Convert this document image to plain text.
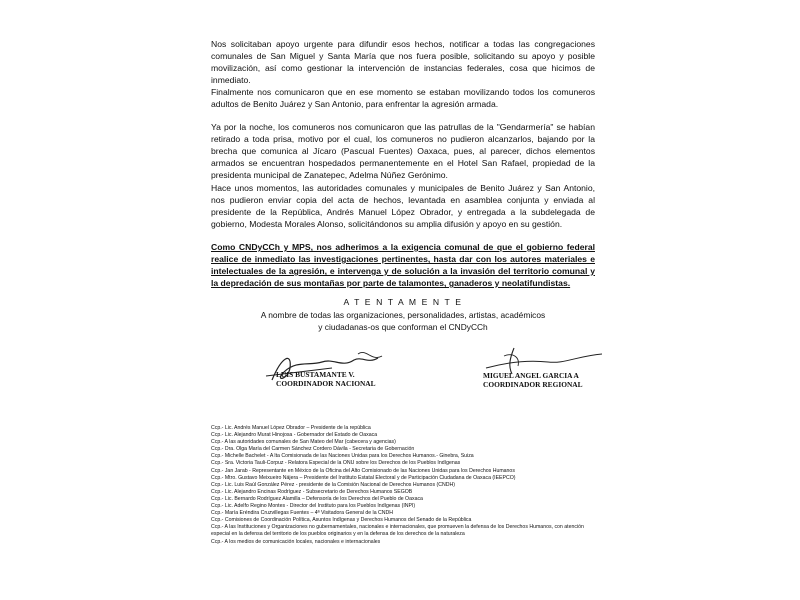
Nos solicitaban apoyo urgente para difundir esos hechos, notificar a todas las congregaciones comunales de San Miguel y Santa María que nos fuera posible, solicitando su apoyo y posible movilización, así como gestionar la intervención de instancias federales, cosa que hicimos de inmediato.

Finalmente nos comunicaron que en ese momento se estaban movilizando todos los comuneros adultos de Benito Juárez y San Antonio, para enfrentar la agresión armada.

Ya por la noche, los comuneros nos comunicaron que las patrullas de la "Gendarmería" se habían retirado a toda prisa, motivo por el cual, los comuneros no pudieron alcanzarlos, bajando por la brecha que comunica al Jícaro (Pascual Fuentes) Oaxaca, pues, al parecer, dichos elementos armados se encuentran hospedados permanentemente en el Hotel San Rafael, propiedad de la presidenta municipal de Zanatepec, Adelma Núñez Gerónimo.

Hace unos momentos, las autoridades comunales y municipales de Benito Juárez y San Antonio, nos pudieron enviar copia del acta de hechos, levantada en asamblea conjunta y enviada al presidente de la República, Andrés Manuel López Obrador, y entregada a la subdelegada de gobierno, Modesta Morales Alonso, solicitándonos su amplia difusión y apoyo en su gestión.

Como CNDyCCh y MPS, nos adherimos a la exigencia comunal de que el gobierno federal realice de inmediato las investigaciones pertinentes, hasta dar con los autores materiales e intelectuales de la agresión, e intervenga y de solución a la invasión del territorio comunal y la depredación de sus montañas por parte de talamontes, ganaderos y neolatifundistas.

A T E N T A M E N T E
A nombre de todas las organizaciones, personalidades, artistas, académicos
y ciudadanas-os que conforman el CNDyCCh
LUIS BUSTAMANTE V.
COORDINADOR NACIONAL
MIGUEL ANGEL GARCIA A
COORDINADOR REGIONAL
Ccp.- Lic. Andrés Manuel López Obrador – Presidente de la república
Ccp.- Lic. Alejandro Murat Hinojosa - Gobernador del Estado de Oaxaca
Ccp.- A las autoridades comunales de San Mateo del Mar (cabecera y agencias)
Ccp.- Dra. Olga María del Carmen Sánchez Cordero Dávila - Secretaria de Gobernación
Ccp.- Michelle Bachelet - A lta Comisionada de las Naciones Unidas para los Derechos Humanos.- Ginebra, Suiza
Ccp.- Sra. Victoria Tauli-Corpuz - Relatora Especial de la ONU sobre los Derechos de los Pueblos Indígenas
Ccp.- Jan Jarab - Representante en México de la Oficina del Alto Comisionado de las Naciones Unidas para los Derechos Humanos
Ccp.- Mtro. Gustavo Meixueiro Nájera – Presidente del Instituto Estatal Electoral y de Participación Ciudadana de Oaxaca (IEEPCO)
Ccp.- Lic. Luis Raúl González Pérez - presidente de la Comisión Nacional de Derechos Humanos (CNDH)
Ccp.- Lic. Alejandro Encinas Rodríguez - Subsecretario de Derechos Humanos SEGOB
Ccp.- Lic. Bernardo Rodríguez Alamilla – Defensoría de los Derechos del Pueblo de Oaxaca
Ccp.- Lic. Adelfo Regino Montes - Director del Instituto para los Pueblos Indígenas (INPI)
Ccp.- María Eréndira Cruzvillegas Fuentes – 4ª Visitadora General de la CNDH
Ccp.- Comisiones de Coordinación Política, Asuntos Indígenas y Derechos Humanos del Senado de la República
Ccp.- A las Instituciones y Organizaciones no gubernamentales, nacionales e internacionales, que promueven la defensa de los Derechos Humanos, con atención especial en la defensa del territorio de los pueblos originarios y en la defensa de los derechos de la naturaleza
Ccp.- A los medios de comunicación locales, nacionales e internacionales
